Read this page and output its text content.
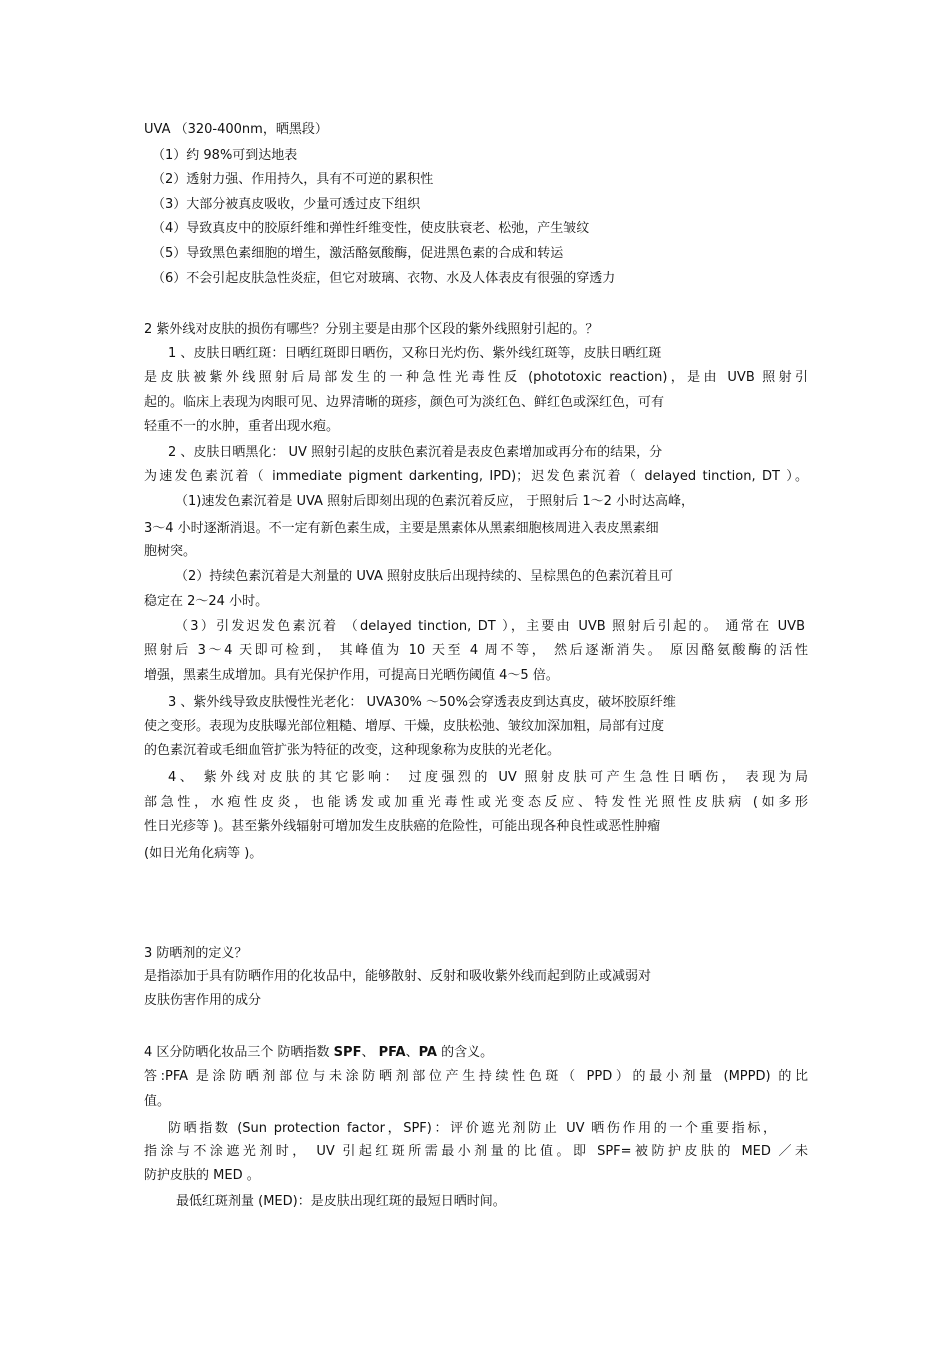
UVA （320-400nm，晒黑段）
（1）约 98%可到达地表
（2）透射力强、作用持久，具有不可逆的累积性
（3）大部分被真皮吸收，少量可透过皮下组织
（4）导致真皮中的胶原纤维和弹性纤维变性，使皮肤衰老、松弛，产生皱纹
（5）导致黑色素细胞的增生，激活酪氨酸酶，促进黑色素的合成和转运
（6）不会引起皮肤急性炎症，但它对玻璃、衣物、水及人体表皮有很强的穿透力
2 紫外线对皮肤的损伤有哪些？分别主要是由那个区段的紫外线照射引起的。？
1 、皮肤日晒红斑：日晒红斑即日晒伤，又称日光灼伤、紫外线红斑等，皮肤日晒红斑
是皮肤被紫外线照射后局部发生的一种急性光毒性反 (phototoxic reaction)，是由 UVB 照射引
起的。临床上表现为肉眼可见、边界清晰的斑疹，颜色可为淡红色、鲜红色或深红色，可有
轻重不一的水肿，重者出现水疱。
2 、皮肤日晒黑化： UV 照射引起的皮肤色素沉着是表皮色素增加或再分布的结果，分
为速发色素沉着（ immediate pigment darkenting, IPD)；迟发色素沉着（ delayed tinction, DT ）。
（1)速发色素沉着是 UVA 照射后即刻出现的色素沉着反应， 于照射后 1～2 小时达高峰，
3～4 小时逐渐消退。不一定有新色素生成，主要是黑素体从黑素细胞核周进入表皮黑素细
胞树突。
（2）持续色素沉着是大剂量的 UVA 照射皮肤后出现持续的、呈棕黑色的色素沉着且可
稳定在 2～24 小时。
（3）引发迟发色素沉着 （delayed tinction, DT ），主要由 UVB 照射后引起的。 通常在 UVB
照射后 3～4 天即可检到， 其峰值为 10 天至 4 周不等， 然后逐渐消失。 原因酪氨酸酶的活性
增强，黑素生成增加。具有光保护作用，可提高日光晒伤阈值 4～5 倍。
3 、紫外线导致皮肤慢性光老化： UVA30% ～50%会穿透表皮到达真皮，破坏胶原纤维
使之变形。表现为皮肤曝光部位粗糙、增厚、干燥，皮肤松弛、皱纹加深加粗，局部有过度
的色素沉着或毛细血管扩张为特征的改变，这种现象称为皮肤的光老化。
4、 紫外线对皮肤的其它影响： 过度强烈的 UV 照射皮肤可产生急性日晒伤， 表现为局
部急性，水疱性皮炎，也能诱发或加重光毒性或光变态反应、特发性光照性皮肤病 (如多形
性日光疹等 )。甚至紫外线辐射可增加发生皮肤癌的危险性，可能出现各种良性或恶性肿瘤
(如日光角化病等 )。
3 防晒剂的定义？
是指添加于具有防晒作用的化妆品中，能够散射、反射和吸收紫外线而起到防止或减弱对
皮肤伤害作用的成分
4 区分防晒化妆品三个 防晒指数 SPF、 PFA、PA 的含义。
答:PFA 是涂防晒剂部位与未涂防晒剂部位产生持续性色斑（ PPD）的最小剂量 (MPPD) 的比
值。
防晒指数 (Sun protection factor，SPF)：评价遮光剂防止 UV 晒伤作用的一个重要指标，
指涂与不涂遮光剂时， UV 引起红斑所需最小剂量的比值。即 SPF=被防护皮肤的 MED ／未
防护皮肤的 MED 。
最低红斑剂量 (MED)：是皮肤出现红斑的最短日晒时间。
